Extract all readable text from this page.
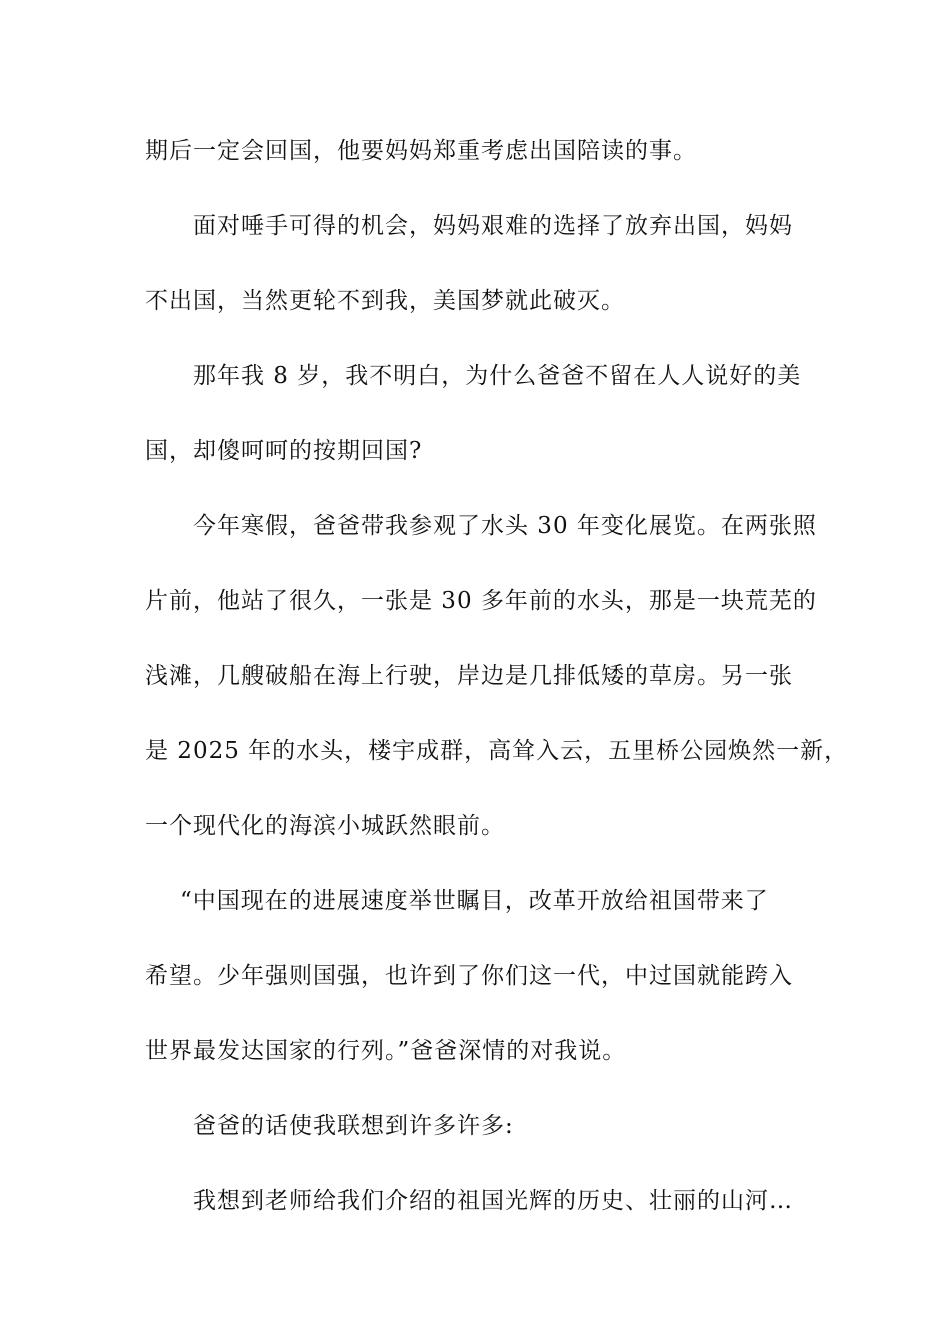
期后一定会回国，他要妈妈郑重考虑出国陪读的事。
面对唾手可得的机会，妈妈艰难的选择了放弃出国，妈妈
不出国，当然更轮不到我，美国梦就此破灭。
那年我 8 岁，我不明白，为什么爸爸不留在人人说好的美
国，却傻呵呵的按期回国?
今年寒假，爸爸带我参观了水头 30 年变化展览。在两张照
片前，他站了很久，一张是 30 多年前的水头，那是一块荒芜的
浅滩，几艘破船在海上行驶，岸边是几排低矮的草房。另一张
是 2025 年的水头，楼宇成群，高耸入云，五里桥公园焕然一新，
一个现代化的海滨小城跃然眼前。
“中国现在的进展速度举世瞩目，改革开放给祖国带来了
希望。少年强则国强，也许到了你们这一代，中过国就能跨入
世界最发达国家的行列。”爸爸深情的对我说。
爸爸的话使我联想到许多许多:
我想到老师给我们介绍的祖国光辉的历史、壮丽的山河…
